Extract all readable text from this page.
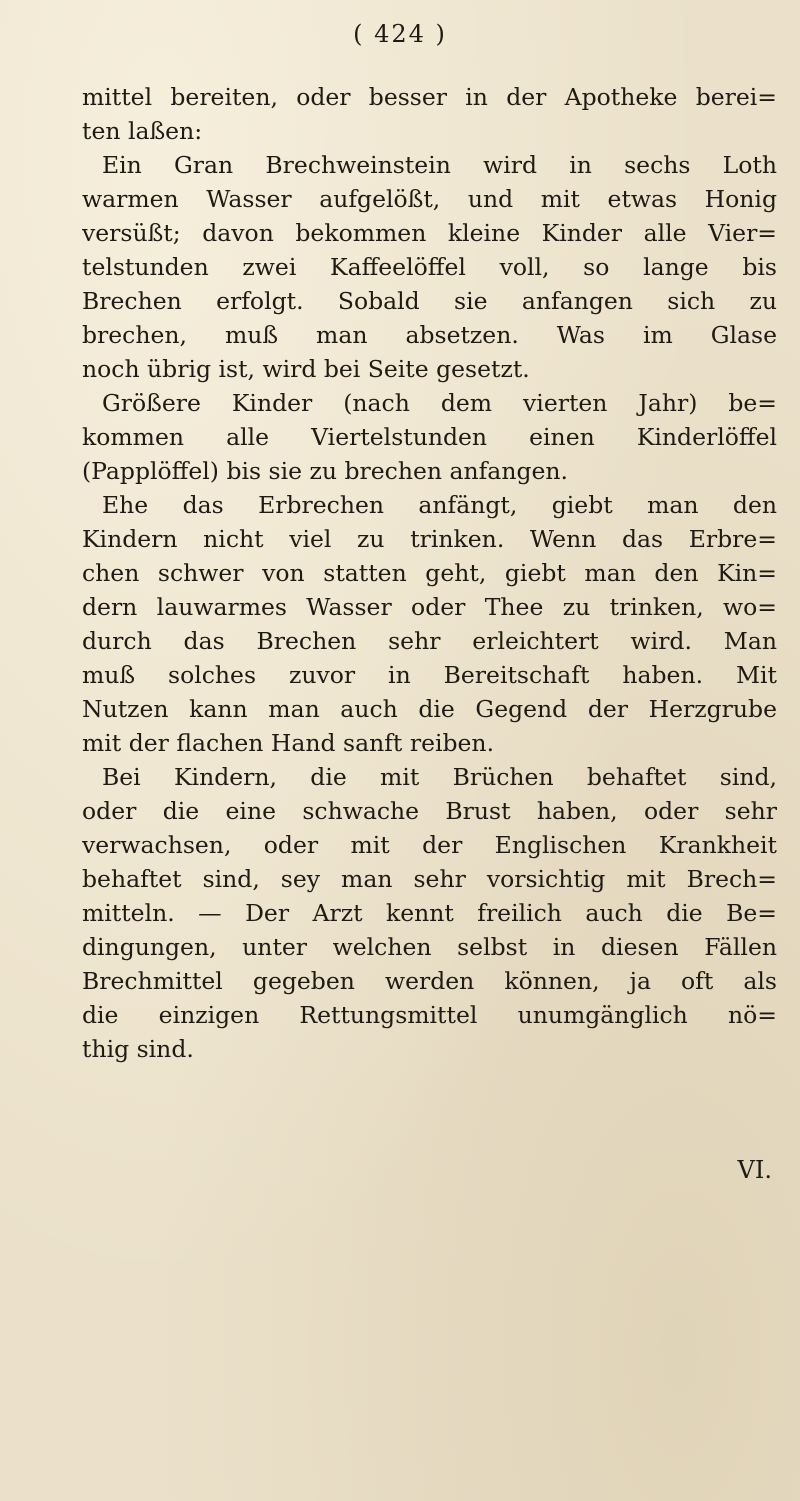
( 424 )
mittel bereiten, oder besser in der Apotheke berei=
ten laßen:
Ein Gran Brechweinstein wird in sechs Loth
warmen Wasser aufgelößt, und mit etwas Honig
versüßt; davon bekommen kleine Kinder alle Vier=
telstunden zwei Kaffeelöffel voll, so lange bis
Brechen erfolgt. Sobald sie anfangen sich zu
brechen, muß man absetzen. Was im Glase
noch übrig ist, wird bei Seite gesetzt.
Größere Kinder (nach dem vierten Jahr) be=
kommen alle Viertelstunden einen Kinderlöffel
(Papplöffel) bis sie zu brechen anfangen.
Ehe das Erbrechen anfängt, giebt man den
Kindern nicht viel zu trinken. Wenn das Erbre=
chen schwer von statten geht, giebt man den Kin=
dern lauwarmes Wasser oder Thee zu trinken, wo=
durch das Brechen sehr erleichtert wird. Man
muß solches zuvor in Bereitschaft haben. Mit
Nutzen kann man auch die Gegend der Herzgrube
mit der flachen Hand sanft reiben.
Bei Kindern, die mit Brüchen behaftet sind,
oder die eine schwache Brust haben, oder sehr
verwachsen, oder mit der Englischen Krankheit
behaftet sind, sey man sehr vorsichtig mit Brech=
mitteln. — Der Arzt kennt freilich auch die Be=
dingungen, unter welchen selbst in diesen Fällen
Brechmittel gegeben werden können, ja oft als
die einzigen Rettungsmittel unumgänglich nö=
thig sind.
VI.
